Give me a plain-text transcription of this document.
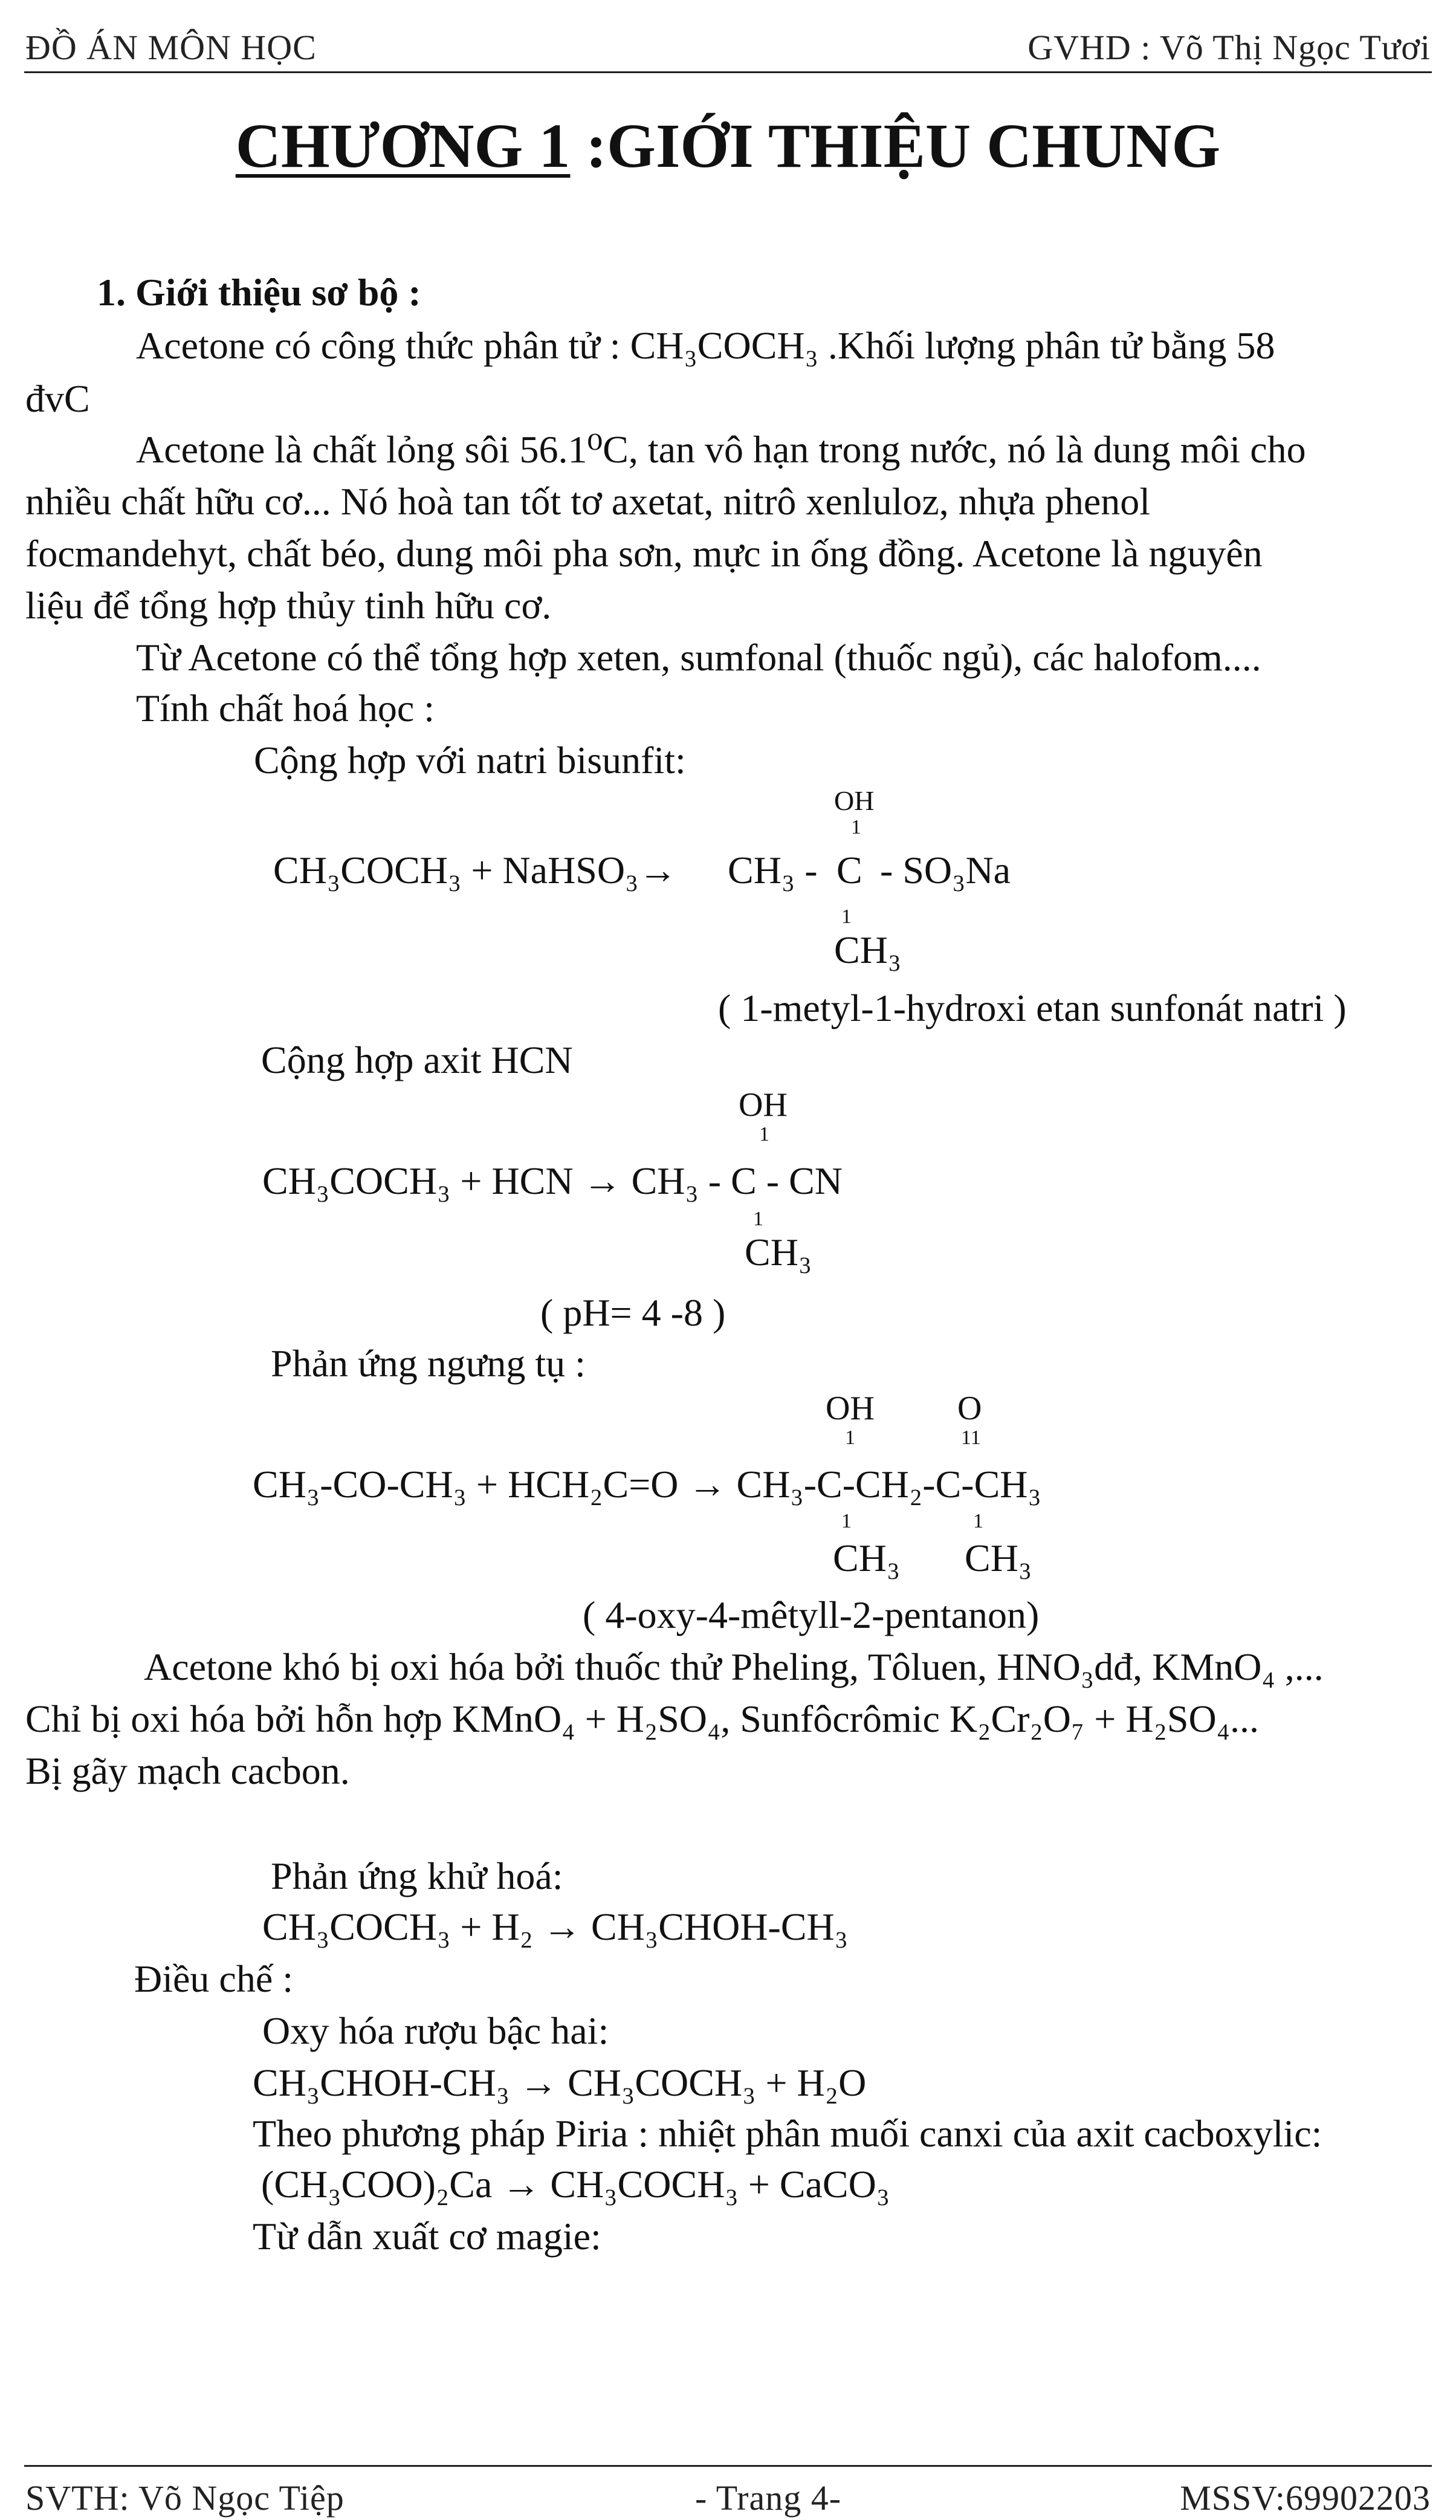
ĐỒ ÁN MÔN HỌC	GVHD : Võ Thị Ngọc Tươi
CHƯƠNG 1 :GIỚI THIỆU CHUNG
1. Giới thiệu sơ bộ :
Acetone có công thức phân tử : CH₃COCH₃ .Khối lượng phân tử bằng 58
đvC
Acetone là chất lỏng sôi 56.1⁰C, tan vô hạn trong nước, nó là dung môi cho
nhiều chất hữu cơ... Nó hoà tan tốt tơ axetat, nitrô xenluloz, nhựa phenol
focmandehyt, chất béo, dung môi pha sơn, mực in ống đồng. Acetone là nguyên
liệu để tổng hợp thủy tinh hữu cơ.
Từ Acetone có thể tổng hợp xeten, sumfonal (thuốc ngủ), các halofom....
Tính chất hoá học :
Cộng hợp với natri bisunfit:
OH
1
CH₃COCH₃ + NaHSO₃→ CH₃ - C - SO₃Na
1
CH₃
( 1-metyl-1-hydroxi etan sunfonát natri )
Cộng hợp axit HCN
OH
1
CH₃COCH₃ + HCN → CH₃ - C - CN
1
CH₃
( pH= 4 -8 )
Phản ứng ngưng tụ :
OH O
1	11
CH₃-CO-CH₃ + HCH₂C=O → CH₃-C-CH₂-C-CH₃
1	1
CH₃ CH₃
( 4-oxy-4-mêtyll-2-pentanon)
Acetone khó bị oxi hóa bởi thuốc thử Pheling, Tôluen, HNO₃dđ, KMnO₄ ,...
Chỉ bị oxi hóa bởi hỗn hợp KMnO₄ + H₂SO₄, Sunfôcrômic K₂Cr₂O₇ + H₂SO₄...
Bị gãy mạch cacbon.
Phản ứng khử hoá:
CH₃COCH₃ + H₂ → CH₃CHOH-CH₃
Điều chế :
Oxy hóa rượu bậc hai:
CH₃CHOH-CH₃ → CH₃COCH₃ + H₂O
Theo phương pháp Piria : nhiệt phân muối canxi của axit cacboxylic:
(CH₃COO)₂Ca → CH₃COCH₃ + CaCO₃
Từ dẫn xuất cơ magie:
SVTH: Võ Ngọc Tiệp	- Trang 4-	MSSV:69902203
